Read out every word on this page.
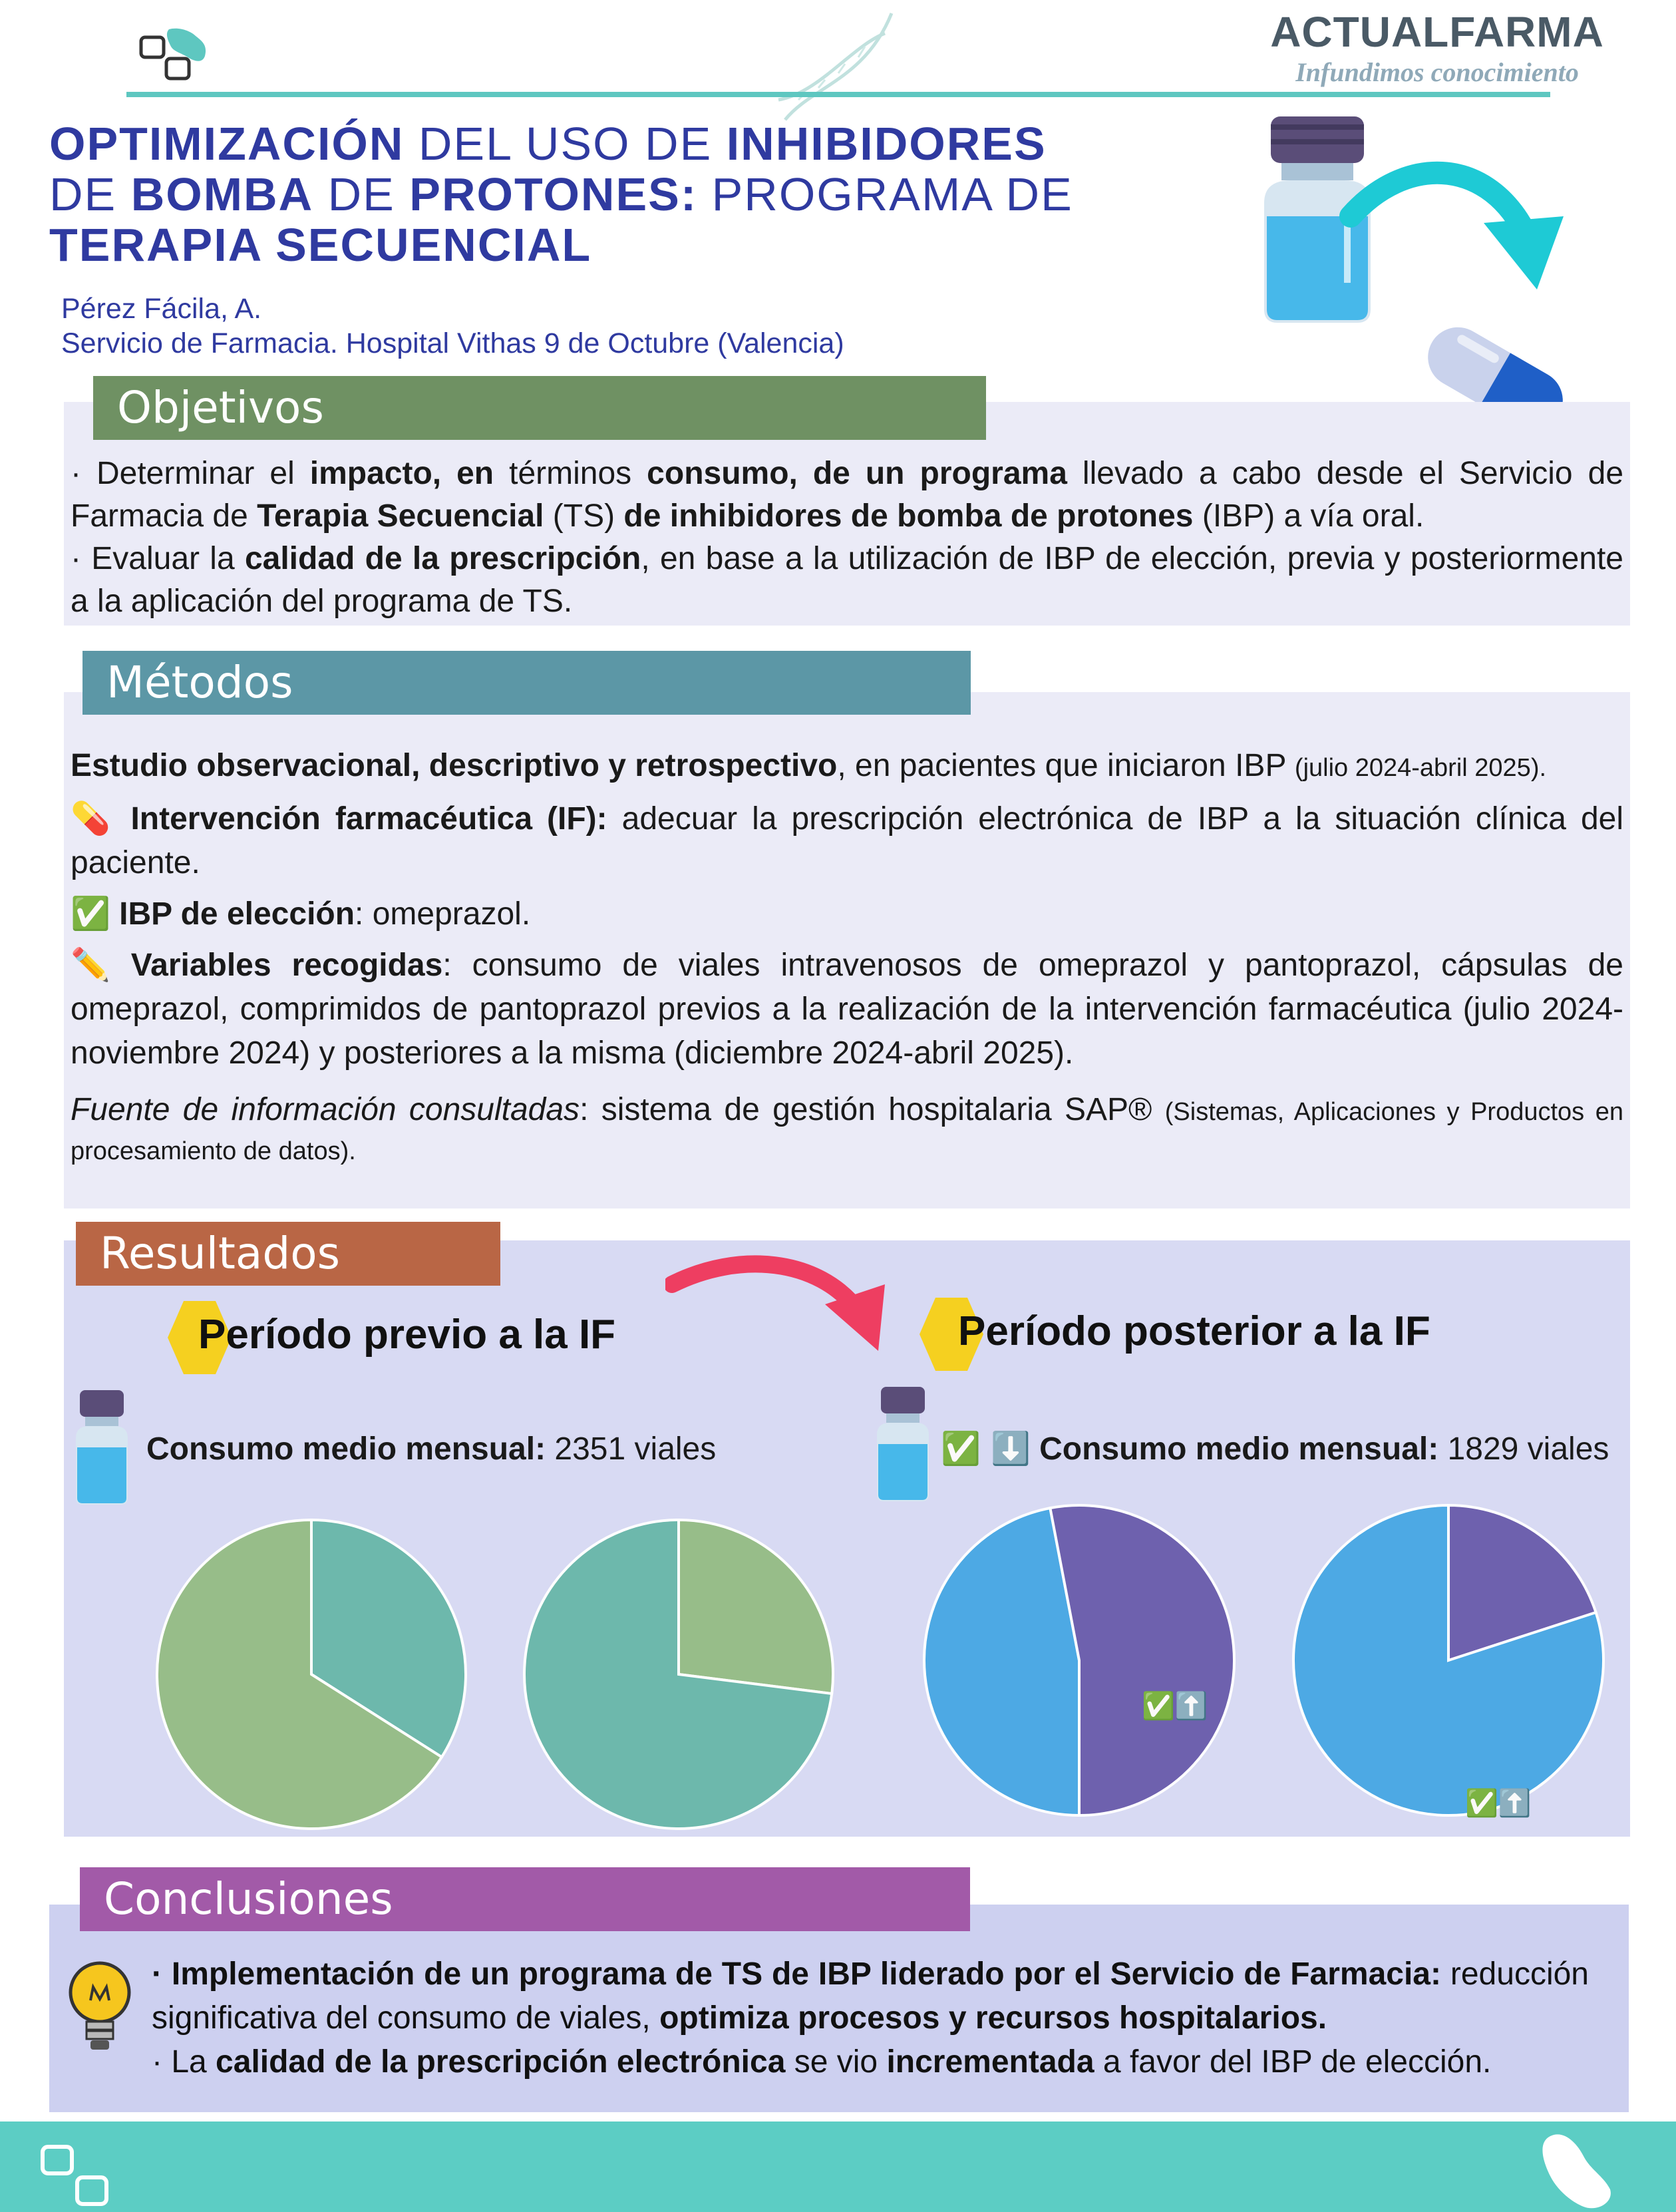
ACTUALFARMA
Infundimos conocimiento
OPTIMIZACIÓN DEL USO DE INHIBIDORES
DE BOMBA DE PROTONES: PROGRAMA DE
TERAPIA SECUENCIAL
Pérez Fácila, A.
Servicio de Farmacia. Hospital Vithas 9 de Octubre (Valencia)
Objetivos
· Determinar el impacto, en términos consumo, de un programa llevado a cabo desde el Servicio de Farmacia de Terapia Secuencial (TS) de inhibidores de bomba de protones (IBP) a vía oral.
· Evaluar la calidad de la prescripción, en base a la utilización de IBP de elección, previa y posteriormente a la aplicación del programa de TS.
Métodos

Estudio observacional, descriptivo y retrospectivo, en pacientes que iniciaron IBP (julio 2024-abril 2025).

💊 Intervención farmacéutica (IF): adecuar la prescripción electrónica de IBP a la situación clínica del paciente.

✅ IBP de elección: omeprazol.

✏️ Variables recogidas: consumo de viales intravenosos de omeprazol y pantoprazol, cápsulas de omeprazol, comprimidos de pantoprazol previos a la realización de la intervención farmacéutica (julio 2024-noviembre 2024) y posteriores a la misma (diciembre 2024-abril 2025).

Fuente de información consultadas: sistema de gestión hospitalaria SAP® (Sistemas, Aplicaciones y Productos en procesamiento de datos).

Resultados
Período previo a la IF	Período posterior a la IF
Consumo medio mensual: 2351 viales	✅ ⬇️ Consumo medio mensual: 1829 viales
✅⬆️
✅⬆️
Conclusiones
· Implementación de un programa de TS de IBP liderado por el Servicio de Farmacia: reducción significativa del consumo de viales, optimiza procesos y recursos hospitalarios.
· La calidad de la prescripción electrónica se vio incrementada a favor del IBP de elección.
